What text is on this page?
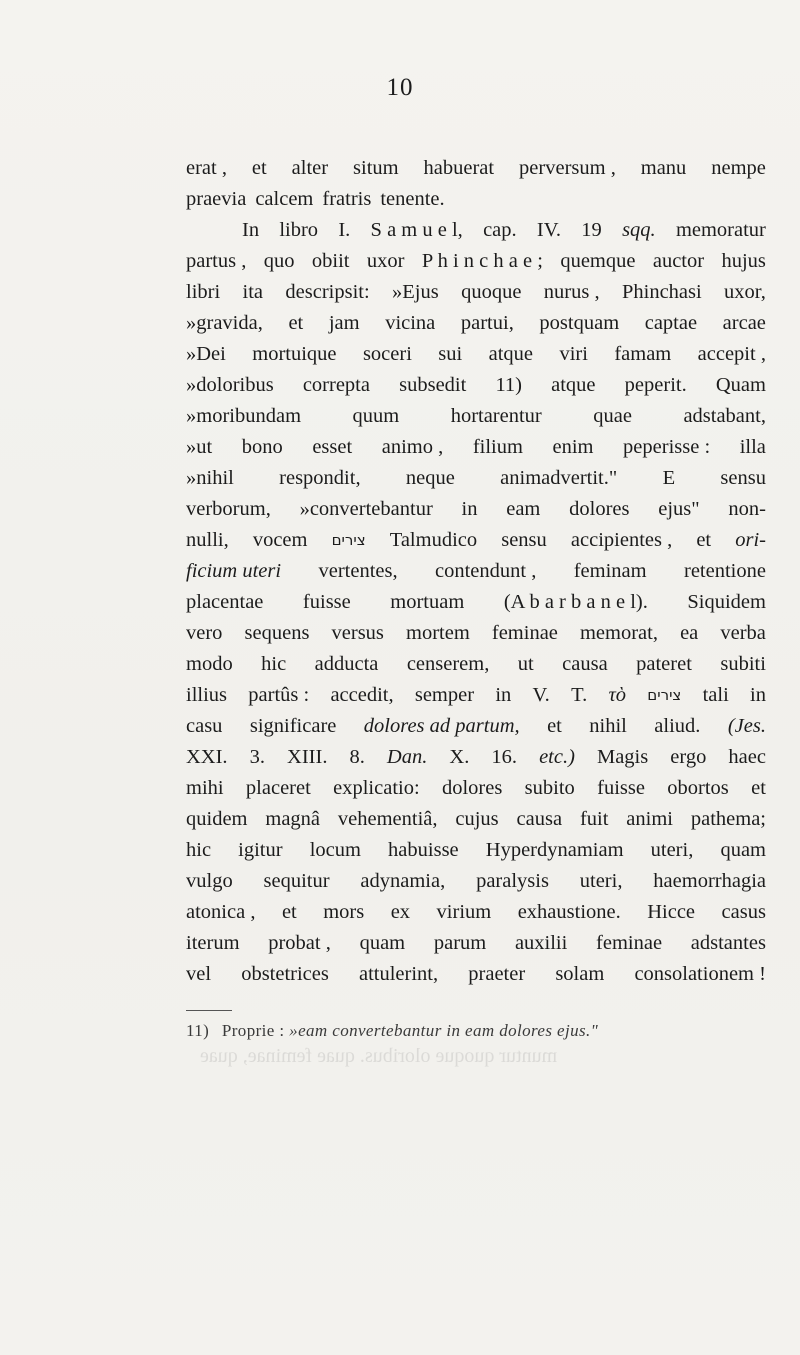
10
muntur quoque oloribus. quae feminae, quae
erat , et alter situm habuerat perversum , manu nempe
praevia calcem fratris tenente.
In libro I. S a m u e l, cap. IV. 19 sqq. memoratur
partus , quo obiit uxor P h i n c h a e ; quemque auctor hujus
libri ita descripsit: »Ejus quoque nurus , Phinchasi uxor,
»gravida, et jam vicina partui, postquam captae arcae
»Dei mortuique soceri sui atque viri famam accepit ,
»doloribus correpta subsedit 11) atque peperit. Quam
»moribundam	quum	hortarentur	quae	adstabant,
»ut bono esset animo , filium enim peperisse : illa
»nihil respondit, neque animadvertit." E sensu
verborum, »convertebantur in eam dolores ejus" non-
nulli, vocem צירים Talmudico sensu accipientes , et ori-
ficium uteri vertentes, contendunt , feminam retentione
placentae fuisse mortuam (A b a r b a n e l). Siquidem
vero sequens versus mortem feminae memorat, ea verba
modo hic adducta censerem, ut causa pateret subiti
illius partûs : accedit, semper in V. T. τὸ צירים tali in
casu significare dolores ad partum, et nihil aliud. (Jes.
XXI. 3. XIII. 8. Dan. X. 16. etc.) Magis ergo haec
mihi placeret explicatio: dolores subito fuisse obortos et
quidem magnâ vehementiâ, cujus causa fuit animi pathema;
hic igitur locum habuisse Hyperdynamiam uteri, quam
vulgo sequitur adynamia, paralysis uteri, haemorrhagia
atonica , et mors ex virium exhaustione. Hicce casus
iterum probat , quam parum auxilii feminae adstantes
vel obstetrices attulerint, praeter solam consolationem !
11) Proprie : »eam convertebantur in eam dolores ejus."
